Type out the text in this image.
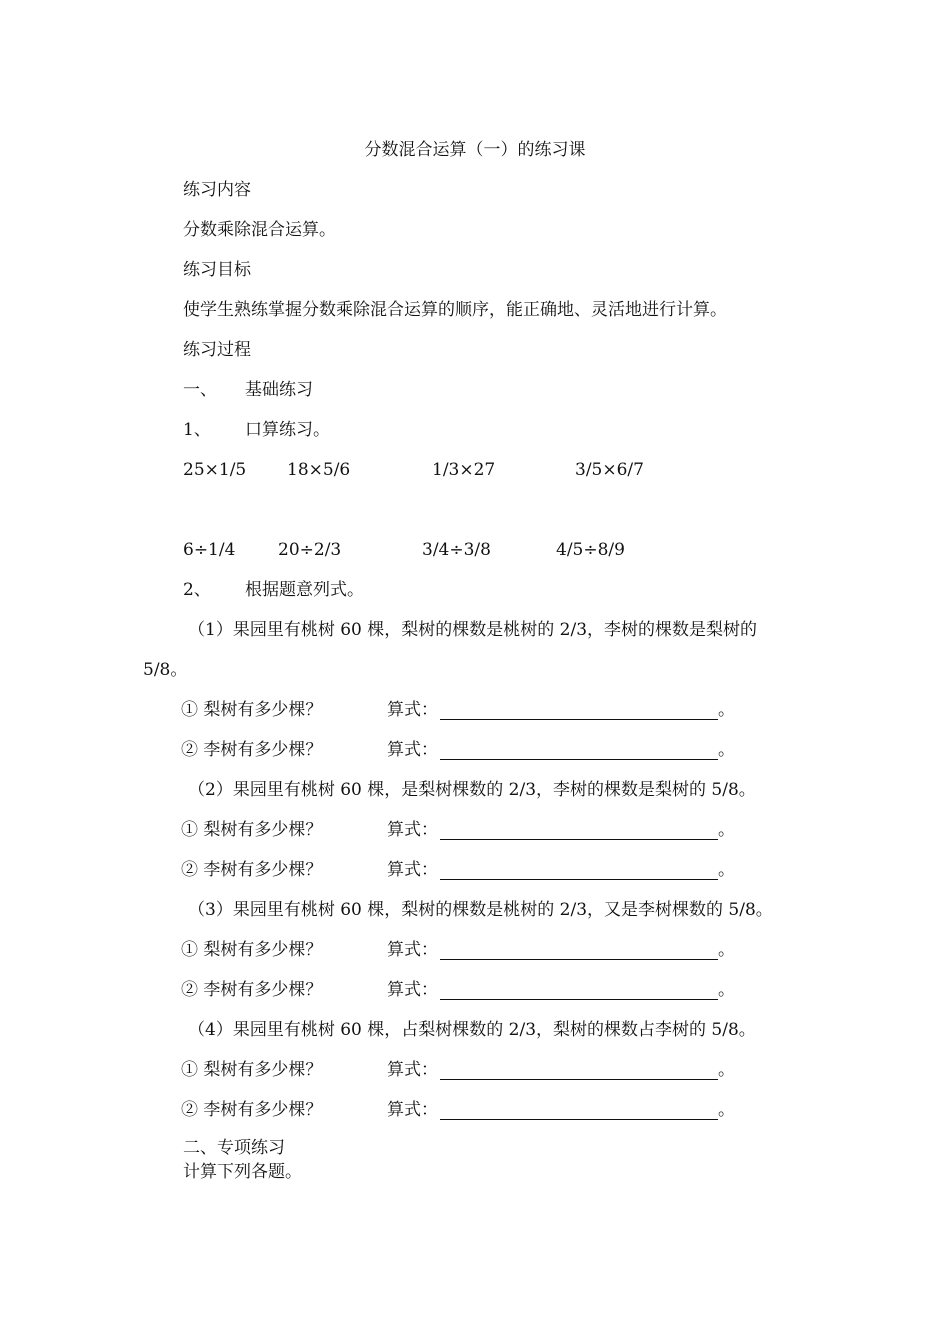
分数混合运算（一）的练习课
练习内容
分数乘除混合运算。
练习目标
使学生熟练掌握分数乘除混合运算的顺序，能正确地、灵活地进行计算。
练习过程
一、 基础练习
1、 口算练习。
25×1/5 18×5/6	1/3×27	3/5×6/7
6÷1/4	20÷2/3	3/4÷3/8	4/5÷8/9
2、 根据题意列式。
（1）果园里有桃树 60 棵，梨树的棵数是桃树的 2/3，李树的棵数是梨树的
5/8。
① 梨树有多少棵？	算式：	。
② 李树有多少棵？	算式：	。
（2）果园里有桃树 60 棵，是梨树棵数的 2/3，李树的棵数是梨树的 5/8。
① 梨树有多少棵？	算式：	。
② 李树有多少棵？	算式：	。
（3）果园里有桃树 60 棵，梨树的棵数是桃树的 2/3，又是李树棵数的 5/8。
① 梨树有多少棵？	算式：	。
② 李树有多少棵？	算式：	。
（4）果园里有桃树 60 棵，占梨树棵数的 2/3，梨树的棵数占李树的 5/8。
① 梨树有多少棵？	算式：	。
② 李树有多少棵？	算式：	。
二、专项练习
计算下列各题。
